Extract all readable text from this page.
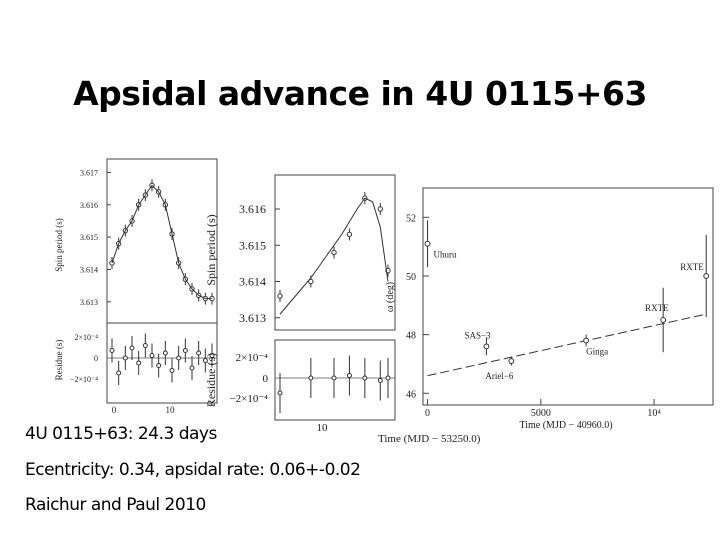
Apsidal advance in 4U 0115+63
3.617
3.616
3.615
3.614
3.613
Spin period (s)
Residue (s)
2×10⁻⁴
0
−2×10⁻⁴
0	10
3.616
3.615
3.614
3.613
Spin period (s)
Residue (s) 2×10⁻⁴
0
−2×10⁻⁴
10
Time (MJD − 53250.0)
52
50
48
46
0	5000	10⁴
Uhuru
SAS−3
Ariel−6
Ginga
RXTE
RXTE
ω (deg)
Time (MJD − 40960.0)
4U 0115+63: 24.3 days
Ecentricity: 0.34, apsidal rate: 0.06+-0.02
Raichur and Paul 2010
